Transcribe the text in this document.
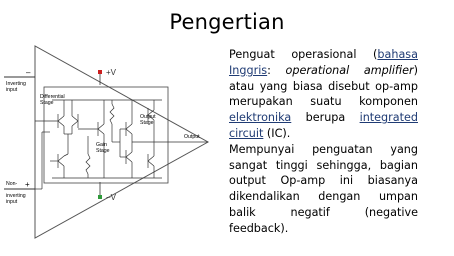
Pengertian
Inverting
input
–
Non-
inverting
input
+
+V
−V
Differential
Stage
Gain
Stage
Output
Stage
Output

Penguat operasional (bahasa Inggris: operational amplifier) atau yang biasa disebut op-amp merupakan suatu komponen elektronika berupa integrated circuit (IC).

Mempunyai penguatan yang sangat tinggi sehingga, bagian output Op-amp ini biasanya dikendalikan dengan umpan balik negatif (negative feedback).
